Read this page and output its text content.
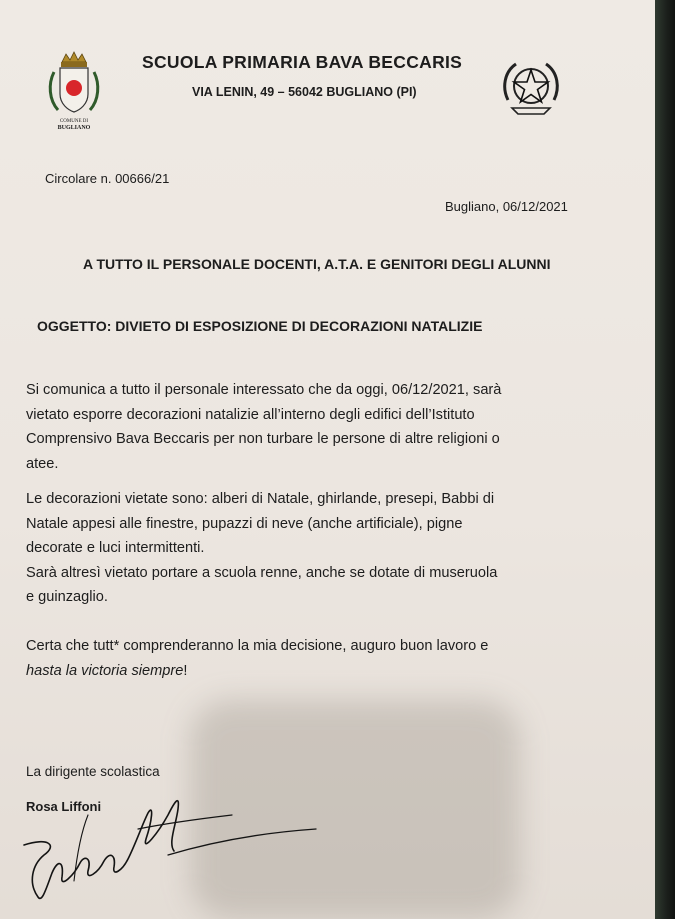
COMUNE DI
BUGLIANO
SCUOLA PRIMARIA BAVA BECCARIS
VIA LENIN, 49 – 56042 BUGLIANO (PI)
Circolare n. 00666/21
Bugliano, 06/12/2021
A TUTTO IL PERSONALE DOCENTI, A.T.A. E GENITORI DEGLI ALUNNI
OGGETTO: DIVIETO DI ESPOSIZIONE DI DECORAZIONI NATALIZIE
Si comunica a tutto il personale interessato che da oggi, 06/12/2021, sarà
vietato esporre decorazioni natalizie all’interno degli edifici dell’Istituto
Comprensivo Bava Beccaris per non turbare le persone di altre religioni o
atee.
Le decorazioni vietate sono: alberi di Natale, ghirlande, presepi, Babbi di
Natale appesi alle finestre, pupazzi di neve (anche artificiale), pigne
decorate e luci intermittenti.
Sarà altresì vietato portare a scuola renne, anche se dotate di museruola
e guinzaglio.
Certa che tutt* comprenderanno la mia decisione, auguro buon lavoro e
hasta la victoria siempre!
La dirigente scolastica
Rosa Liffoni
